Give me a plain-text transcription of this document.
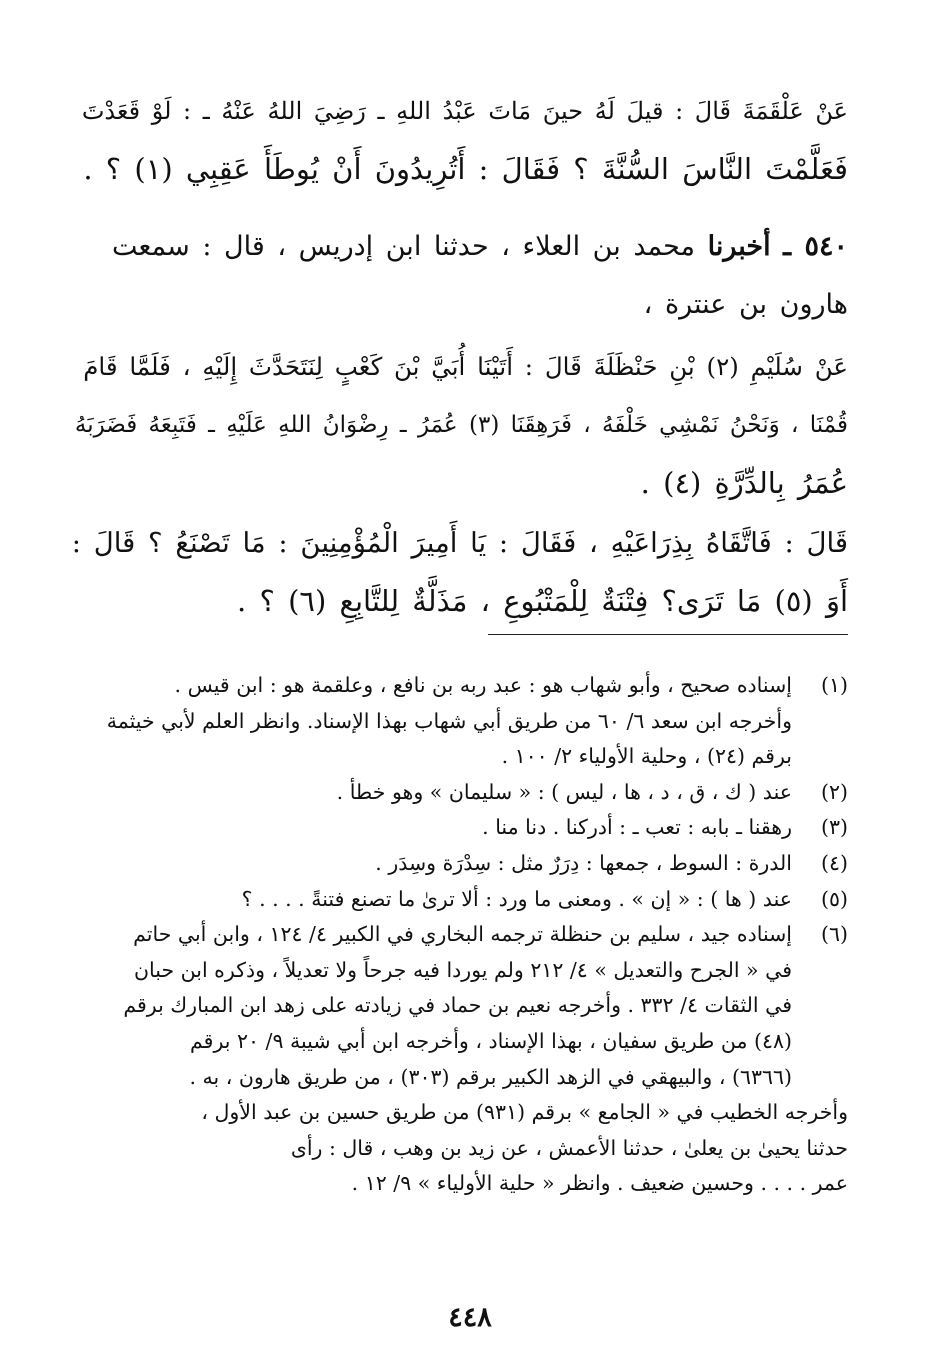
عَنْ عَلْقَمَةَ قَالَ : قيلَ لَهُ حينَ مَاتَ عَبْدُ اللهِ ـ رَضِيَ اللهُ عَنْهُ ـ : لَوْ قَعَدْتَ
فَعَلَّمْتَ النَّاسَ السُّنَّةَ ؟ فَقَالَ : أَتُرِيدُونَ أَنْ يُوطَأَ عَقِبِي (١) ؟ .
٥٤٠ ـ أخبرنا محمد بن العلاء ، حدثنا ابن إدريس ، قال : سمعت
هارون بن عنترة ،
عَنْ سُلَيْمِ (٢) بْنِ حَنْظَلَةَ قَالَ : أَتَيْنَا أُبَيَّ بْنَ كَعْبٍ لِنَتَحَدَّثَ إِلَيْهِ ، فَلَمَّا قَامَ
قُمْنَا ، وَنَحْنُ نَمْشِي خَلْفَهُ ، فَرَهِقَنَا (٣) عُمَرُ ـ رِضْوَانُ اللهِ عَلَيْهِ ـ فَتَبِعَهُ فَضَرَبَهُ
عُمَرُ بِالدِّرَّةِ (٤) .
قَالَ : فَاتَّقَاهُ بِذِرَاعَيْهِ ، فَقَالَ : يَا أَمِيرَ الْمُؤْمِنِينَ : مَا تَصْنَعُ ؟ قَالَ :
أَوَ (٥) مَا تَرَى؟ فِتْنَةٌ لِلْمَتْبُوعِ ، مَذَلَّةٌ لِلتَّابِعِ (٦) ؟ .
(١)
إسناده صحيح ، وأبو شهاب هو : عبد ربه بن نافع ، وعلقمة هو : ابن قيس .
وأخرجه ابن سعد ٦/ ٦٠ من طريق أبي شهاب بهذا الإسناد. وانظر العلم لأبي خيثمة
برقم (٢٤) ، وحلية الأولياء ٢/ ١٠٠ .
(٢)
عند ( ك ، ق ، د ، ها ، ليس ) : « سليمان » وهو خطأ .
(٣)
رهقنا ـ بابه : تعب ـ : أدركنا . دنا منا .
(٤)
الدرة : السوط ، جمعها : دِرَرٌ مثل : سِدْرَة وسِدَر .
(٥)
عند ( ها ) : « إن » . ومعنى ما ورد : ألا ترىٰ ما تصنع فتنةً . . . . ؟
(٦)
إسناده جيد ، سليم بن حنظلة ترجمه البخاري في الكبير ٤/ ١٢٤ ، وابن أبي حاتم
في « الجرح والتعديل » ٤/ ٢١٢ ولم يوردا فيه جرحاً ولا تعديلاً ، وذكره ابن حبان
في الثقات ٤/ ٣٣٢ . وأخرجه نعيم بن حماد في زيادته على زهد ابن المبارك برقم
(٤٨) من طريق سفيان ، بهذا الإسناد ، وأخرجه ابن أبي شيبة ٩/ ٢٠ برقم
(٦٣٦٦) ، والبيهقي في الزهد الكبير برقم (٣٠٣) ، من طريق هارون ، به .
وأخرجه الخطيب في « الجامع » برقم (٩٣١) من طريق حسين بن عبد الأول ،
حدثنا يحيىٰ بن يعلىٰ ، حدثنا الأعمش ، عن زيد بن وهب ، قال : رأى
عمر . . . . وحسين ضعيف . وانظر « حلية الأولياء » ٩/ ١٢ .
٤٤٨
